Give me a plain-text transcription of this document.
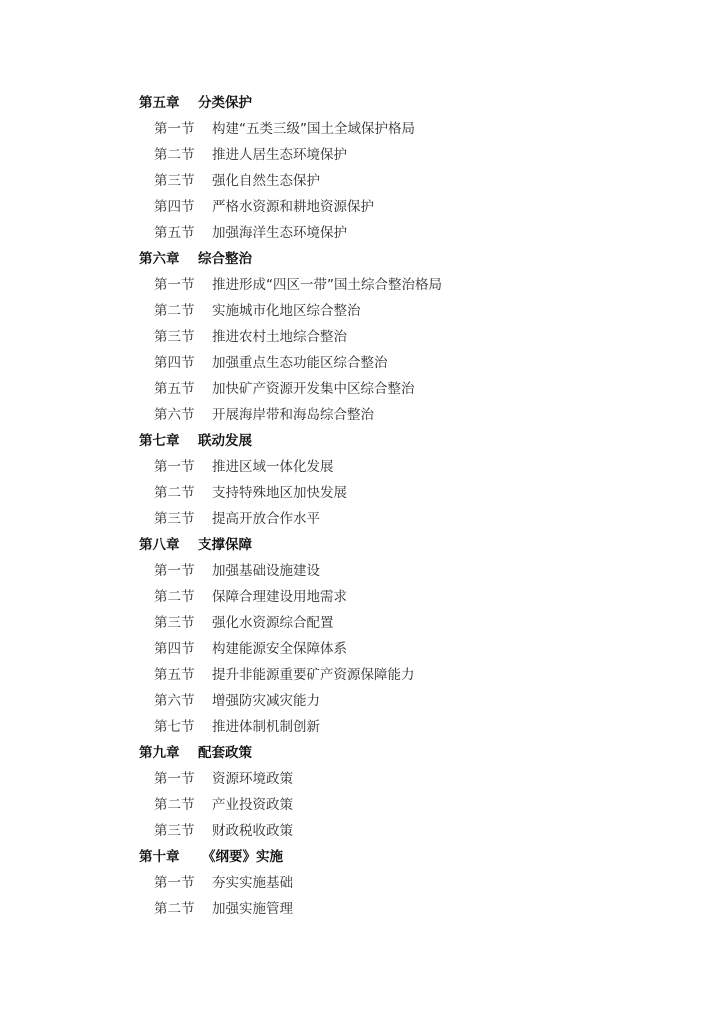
第五章 分类保护
第一节 构建“五类三级”国土全域保护格局
第二节 推进人居生态环境保护
第三节 强化自然生态保护
第四节 严格水资源和耕地资源保护
第五节 加强海洋生态环境保护
第六章 综合整治
第一节 推进形成“四区一带”国土综合整治格局
第二节 实施城市化地区综合整治
第三节 推进农村土地综合整治
第四节 加强重点生态功能区综合整治
第五节 加快矿产资源开发集中区综合整治
第六节 开展海岸带和海岛综合整治
第七章 联动发展
第一节 推进区域一体化发展
第二节 支持特殊地区加快发展
第三节 提高开放合作水平
第八章 支撑保障
第一节 加强基础设施建设
第二节 保障合理建设用地需求
第三节 强化水资源综合配置
第四节 构建能源安全保障体系
第五节 提升非能源重要矿产资源保障能力
第六节 增强防灾减灾能力
第七节 推进体制机制创新
第九章 配套政策
第一节 资源环境政策
第二节 产业投资政策
第三节 财政税收政策
第十章 《纲要》实施
第一节 夯实实施基础
第二节 加强实施管理
